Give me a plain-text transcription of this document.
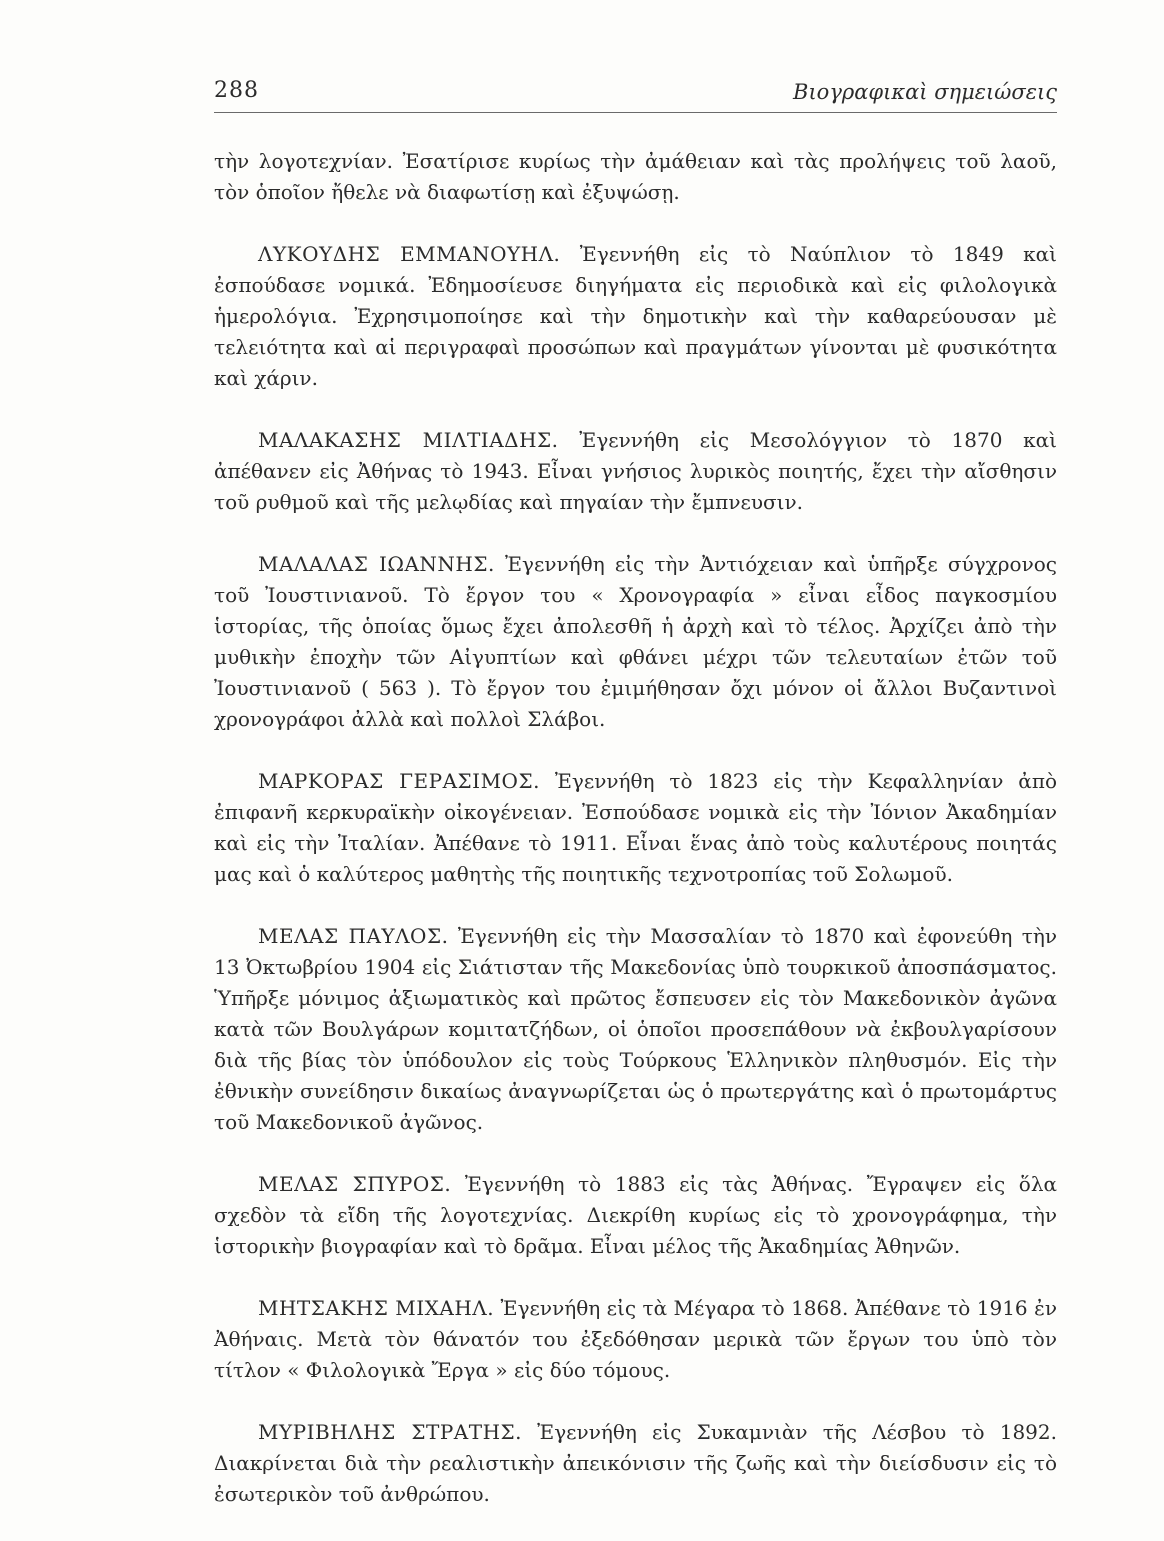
288	Βιογραφικαὶ σημειώσεις

τὴν λογοτεχνίαν. Ἐσατίρισε κυρίως τὴν ἀμάθειαν καὶ τὰς προλήψεις τοῦ λαοῦ, τὸν ὁποῖον ἤθελε νὰ διαφωτίσῃ καὶ ἐξυψώσῃ.

ΛΥΚΟΥΔΗΣ ΕΜΜΑΝΟΥΗΛ. Ἐγεννήθη εἰς τὸ Ναύπλιον τὸ 1849 καὶ ἐσπούδασε νομικά. Ἐδημοσίευσε διηγήματα εἰς περιοδικὰ καὶ εἰς φιλολογικὰ ἡμερολόγια. Ἐχρησιμοποίησε καὶ τὴν δημοτικὴν καὶ τὴν καθαρεύουσαν μὲ τελειότητα καὶ αἱ περιγραφαὶ προσώπων καὶ πραγμάτων γίνονται μὲ φυσικότητα καὶ χάριν.

ΜΑΛΑΚΑΣΗΣ ΜΙΛΤΙΑΔΗΣ. Ἐγεννήθη εἰς Μεσολόγγιον τὸ 1870 καὶ ἀπέθανεν εἰς Ἀθήνας τὸ 1943. Εἶναι γνήσιος λυρικὸς ποιητής, ἔχει τὴν αἴσθησιν τοῦ ρυθμοῦ καὶ τῆς μελῳδίας καὶ πηγαίαν τὴν ἔμπνευσιν.

ΜΑΛΑΛΑΣ ΙΩΑΝΝΗΣ. Ἐγεννήθη εἰς τὴν Ἀντιόχειαν καὶ ὑπῆρξε σύγχρονος τοῦ Ἰουστινιανοῦ. Τὸ ἔργον του « Χρονογραφία » εἶναι εἶδος παγκοσμίου ἱστορίας, τῆς ὁποίας ὅμως ἔχει ἀπολεσθῆ ἡ ἀρχὴ καὶ τὸ τέλος. Ἀρχίζει ἀπὸ τὴν μυθικὴν ἐποχὴν τῶν Αἰγυπτίων καὶ φθάνει μέχρι τῶν τελευταίων ἐτῶν τοῦ Ἰουστινιανοῦ ( 563 ). Τὸ ἔργον του ἐμιμήθησαν ὄχι μόνον οἱ ἄλλοι Βυζαντινοὶ χρονογράφοι ἀλλὰ καὶ πολλοὶ Σλάβοι.

ΜΑΡΚΟΡΑΣ ΓΕΡΑΣΙΜΟΣ. Ἐγεννήθη τὸ 1823 εἰς τὴν Κεφαλληνίαν ἀπὸ ἐπιφανῆ κερκυραϊκὴν οἰκογένειαν. Ἐσπούδασε νομικὰ εἰς τὴν Ἰόνιον Ἀκαδημίαν καὶ εἰς τὴν Ἰταλίαν. Ἀπέθανε τὸ 1911. Εἶναι ἕνας ἀπὸ τοὺς καλυτέρους ποιητάς μας καὶ ὁ καλύτερος μαθητὴς τῆς ποιητικῆς τεχνοτροπίας τοῦ Σολωμοῦ.

ΜΕΛΑΣ ΠΑΥΛΟΣ. Ἐγεννήθη εἰς τὴν Μασσαλίαν τὸ 1870 καὶ ἐφονεύθη τὴν 13 Ὀκτωβρίου 1904 εἰς Σιάτισταν τῆς Μακεδονίας ὑπὸ τουρκικοῦ ἀποσπάσματος. Ὑπῆρξε μόνιμος ἀξιωματικὸς καὶ πρῶτος ἔσπευσεν εἰς τὸν Μακεδονικὸν ἀγῶνα κατὰ τῶν Βουλγάρων κομιτατζήδων, οἱ ὁποῖοι προσεπάθουν νὰ ἐκβουλγαρίσουν διὰ τῆς βίας τὸν ὑπόδουλον εἰς τοὺς Τούρκους Ἑλληνικὸν πληθυσμόν. Εἰς τὴν ἐθνικὴν συνείδησιν δικαίως ἀναγνωρίζεται ὡς ὁ πρωτεργάτης καὶ ὁ πρωτομάρτυς τοῦ Μακεδονικοῦ ἀγῶνος.

ΜΕΛΑΣ ΣΠΥΡΟΣ. Ἐγεννήθη τὸ 1883 εἰς τὰς Ἀθήνας. Ἔγραψεν εἰς ὅλα σχεδὸν τὰ εἴδη τῆς λογοτεχνίας. Διεκρίθη κυρίως εἰς τὸ χρονογράφημα, τὴν ἱστορικὴν βιογραφίαν καὶ τὸ δρᾶμα. Εἶναι μέλος τῆς Ἀκαδημίας Ἀθηνῶν.

ΜΗΤΣΑΚΗΣ ΜΙΧΑΗΛ. Ἐγεννήθη εἰς τὰ Μέγαρα τὸ 1868. Ἀπέθανε τὸ 1916 ἐν Ἀθήναις. Μετὰ τὸν θάνατόν του ἐξεδόθησαν μερικὰ τῶν ἔργων του ὑπὸ τὸν τίτλον « Φιλολογικὰ Ἔργα » εἰς δύο τόμους.

ΜΥΡΙΒΗΛΗΣ ΣΤΡΑΤΗΣ. Ἐγεννήθη εἰς Συκαμνιὰν τῆς Λέσβου τὸ 1892. Διακρίνεται διὰ τὴν ρεαλιστικὴν ἀπεικόνισιν τῆς ζωῆς καὶ τὴν διείσδυσιν εἰς τὸ ἐσωτερικὸν τοῦ ἀνθρώπου.
